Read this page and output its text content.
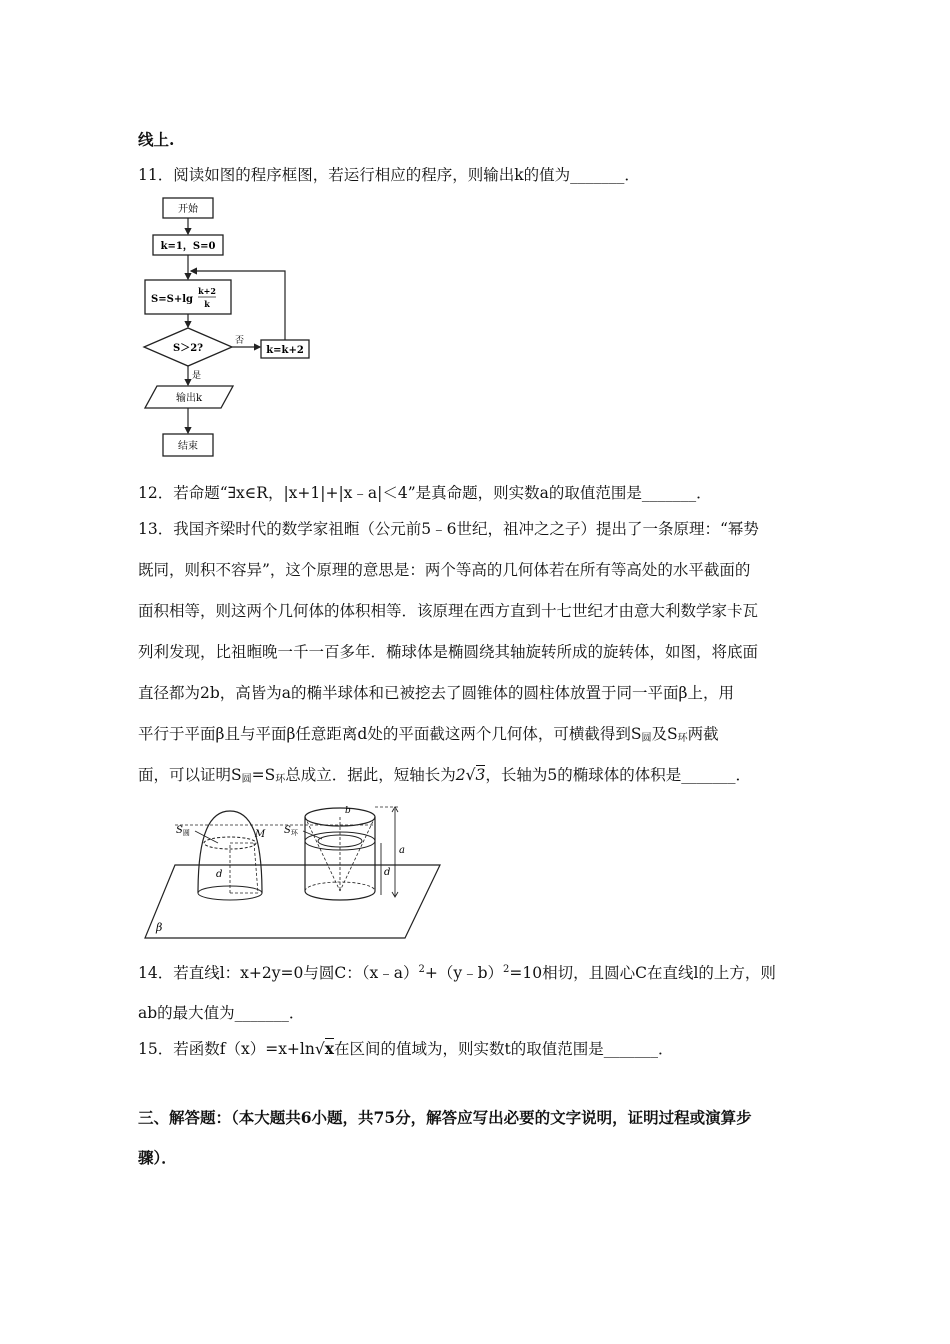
线上.
11．阅读如图的程序框图，若运行相应的程序，则输出k的值为_______．
开始
k=1，S=0
S=S+lg
k+2
k
S＞2?
否
k=k+2
是
输出k
结束
12．若命题“∃x∈R，|x+1|+|x﹣a|＜4”是真命题，则实数a的取值范围是_______．
13．我国齐梁时代的数学家祖暅（公元前5﹣6世纪，祖冲之之子）提出了一条原理：“幂势
既同，则积不容异”，这个原理的意思是：两个等高的几何体若在所有等高处的水平截面的
面积相等，则这两个几何体的体积相等．该原理在西方直到十七世纪才由意大利数学家卡瓦
列利发现，比祖暅晚一千一百多年．椭球体是椭圆绕其轴旋转所成的旋转体，如图，将底面
直径都为2b，高皆为a的椭半球体和已被挖去了圆锥体的圆柱体放置于同一平面β上，用
平行于平面β且与平面β任意距离d处的平面截这两个几何体，可横截得到S圆及S环两截
面，可以证明S圆=S环总成立．据此，短轴长为2√3，长轴为5的椭球体的体积是_______．
β
M
d
$S_圆$
b
$S_环$
a
d
14．若直线l：x+2y=0与圆C：（x﹣a）$^2$+（y﹣b）$^2$=10相切，且圆心C在直线l的上方，则
ab的最大值为_______．
15．若函数f（x）=x+ln√x在区间的值域为，则实数t的取值范围是_______．
三、解答题：（本大题共6小题，共75分，解答应写出必要的文字说明，证明过程或演算步
骤）．
